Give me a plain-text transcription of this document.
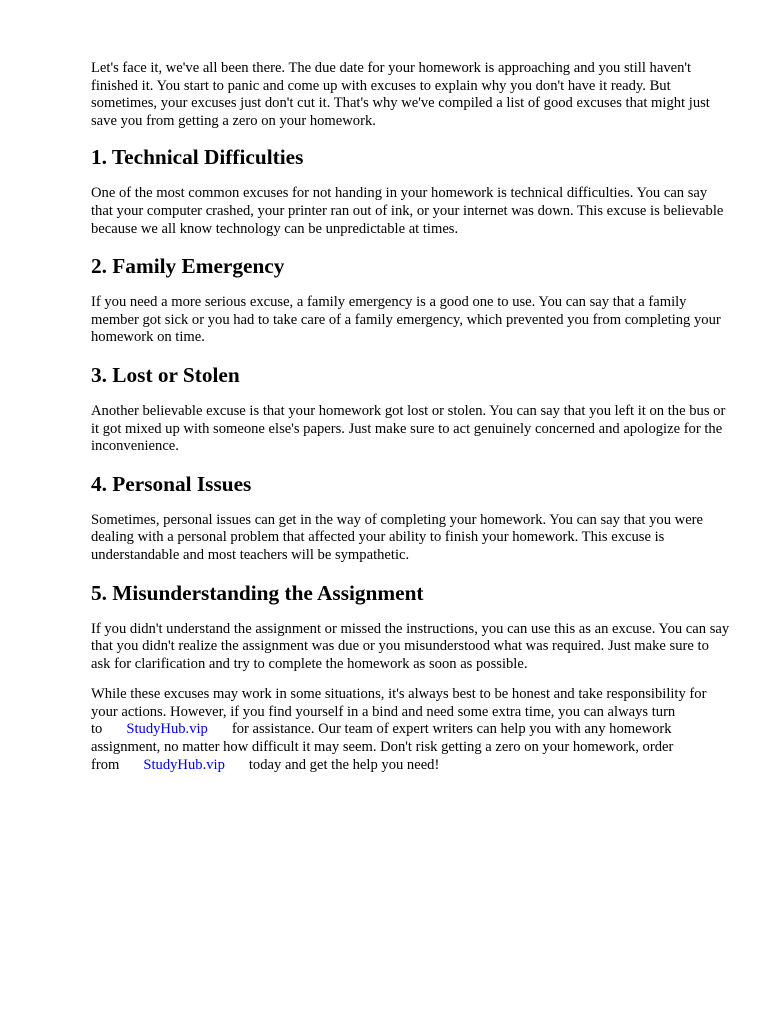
Let's face it, we've all been there. The due date for your homework is approaching and you still haven't finished it. You start to panic and come up with excuses to explain why you don't have it ready. But sometimes, your excuses just don't cut it. That's why we've compiled a list of good excuses that might just save you from getting a zero on your homework.

1. Technical Difficulties

One of the most common excuses for not handing in your homework is technical difficulties. You can say that your computer crashed, your printer ran out of ink, or your internet was down. This excuse is believable because we all know technology can be unpredictable at times.

2. Family Emergency

If you need a more serious excuse, a family emergency is a good one to use. You can say that a family member got sick or you had to take care of a family emergency, which prevented you from completing your homework on time.

3. Lost or Stolen

Another believable excuse is that your homework got lost or stolen. You can say that you left it on the bus or it got mixed up with someone else's papers. Just make sure to act genuinely concerned and apologize for the inconvenience.

4. Personal Issues

Sometimes, personal issues can get in the way of completing your homework. You can say that you were dealing with a personal problem that affected your ability to finish your homework. This excuse is understandable and most teachers will be sympathetic.

5. Misunderstanding the Assignment

If you didn't understand the assignment or missed the instructions, you can use this as an excuse. You can say that you didn't realize the assignment was due or you misunderstood what was required. Just make sure to ask for clarification and try to complete the homework as soon as possible.

While these excuses may work in some situations, it's always best to be honest and take responsibility for your actions. However, if you find yourself in a bind and need some extra time, you can always turn to StudyHub.vip for assistance. Our team of expert writers can help you with any homework assignment, no matter how difficult it may seem. Don't risk getting a zero on your homework, order from StudyHub.vip today and get the help you need!
